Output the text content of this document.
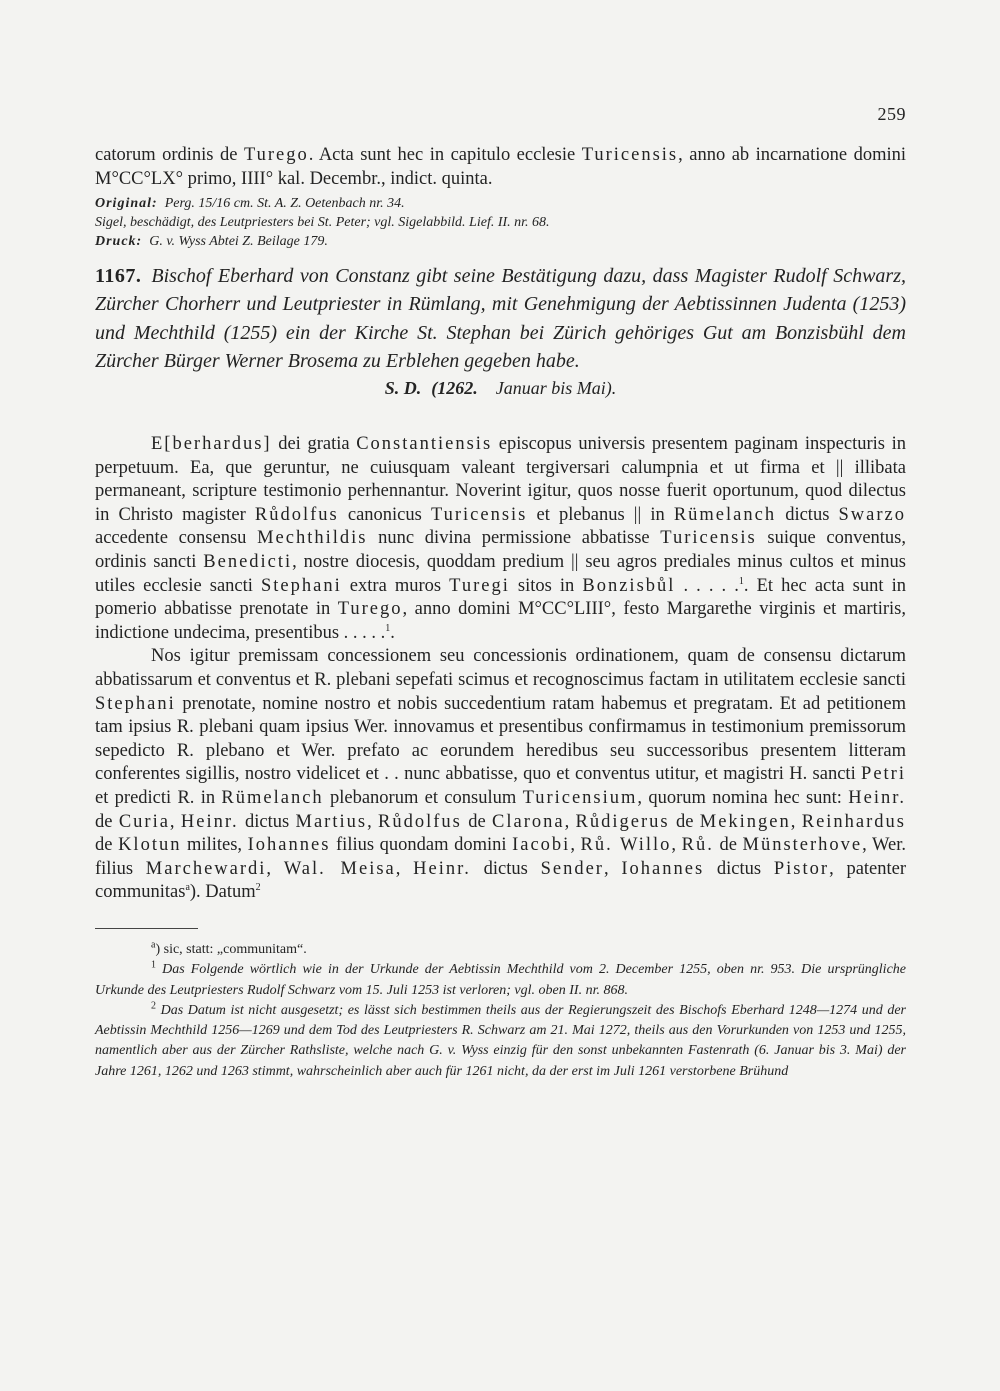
259

catorum ordinis de Turego. Acta sunt hec in capitulo ecclesie Turicensis, anno ab incarnatione domini M°CC°LX° primo, IIII° kal. Decembr., indict. quinta.

Original: Perg. 15/16 cm. St. A. Z. Oetenbach nr. 34.

Sigel, beschädigt, des Leutpriesters bei St. Peter; vgl. Sigelabbild. Lief. II. nr. 68.

Druck: G. v. Wyss Abtei Z. Beilage 179.

1167. Bischof Eberhard von Constanz gibt seine Bestätigung dazu, dass Magister Rudolf Schwarz, Zürcher Chorherr und Leutpriester in Rümlang, mit Genehmigung der Aebtissinnen Judenta (1253) und Mechthild (1255) ein der Kirche St. Stephan bei Zürich gehöriges Gut am Bonzisbühl dem Zürcher Bürger Werner Brosema zu Erblehen gegeben habe.

S. D. (1262. Januar bis Mai).

E[berhardus] dei gratia Constantiensis episcopus universis presentem paginam inspecturis in perpetuum. Ea, que geruntur, ne cuiusquam valeant tergiversari calumpnia et ut firma et || illibata permaneant, scripture testimonio perhennantur. Noverint igitur, quos nosse fuerit oportunum, quod dilectus in Christo magister Růdolfus canonicus Turicensis et plebanus || in Rümelanch dictus Swarzo accedente consensu Mechthildis nunc divina permissione abbatisse Turicensis suique conventus, ordinis sancti Benedicti, nostre diocesis, quoddam predium || seu agros prediales minus cultos et minus utiles ecclesie sancti Stephani extra muros Turegi sitos in Bonzisbůl . . . . .$^1$. Et hec acta sunt in pomerio abbatisse prenotate in Turego, anno domini M°CC°LIII°, festo Margarethe virginis et martiris, indictione undecima, presentibus . . . . .$^1$.

Nos igitur premissam concessionem seu concessionis ordinationem, quam de consensu dictarum abbatissarum et conventus et R. plebani sepefati scimus et recognoscimus factam in utilitatem ecclesie sancti Stephani prenotate, nomine nostro et nobis succedentium ratam habemus et pregratam. Et ad petitionem tam ipsius R. plebani quam ipsius Wer. innovamus et presentibus confirmamus in testimonium premissorum sepedicto R. plebano et Wer. prefato ac eorundem heredibus seu successoribus presentem litteram conferentes sigillis, nostro videlicet et . . nunc abbatisse, quo et conventus utitur, et magistri H. sancti Petri et predicti R. in Rümelanch plebanorum et consulum Turicensium, quorum nomina hec sunt: Heinr. de Curia, Heinr. dictus Martius, Růdolfus de Clarona, Růdigerus de Mekingen, Reinhardus de Klotun milites, Iohannes filius quondam domini Iacobi, Rů. Willo, Rů. de Münsterhove, Wer. filius Marchewardi, Wal. Meisa, Heinr. dictus Sender, Iohannes dictus Pistor, patenter communitas$^a$). Datum$^2$

$^a$) sic, statt: „communitam“.

$^1$ Das Folgende wörtlich wie in der Urkunde der Aebtissin Mechthild vom 2. December 1255, oben nr. 953. Die ursprüngliche Urkunde des Leutpriesters Rudolf Schwarz vom 15. Juli 1253 ist verloren; vgl. oben II. nr. 868.

$^2$ Das Datum ist nicht ausgesetzt; es lässt sich bestimmen theils aus der Regierungszeit des Bischofs Eberhard 1248—1274 und der Aebtissin Mechthild 1256—1269 und dem Tod des Leutpriesters R. Schwarz am 21. Mai 1272, theils aus den Vorurkunden von 1253 und 1255, namentlich aber aus der Zürcher Rathsliste, welche nach G. v. Wyss einzig für den sonst unbekannten Fastenrath (6. Januar bis 3. Mai) der Jahre 1261, 1262 und 1263 stimmt, wahrscheinlich aber auch für 1261 nicht, da der erst im Juli 1261 verstorbene Brühund
